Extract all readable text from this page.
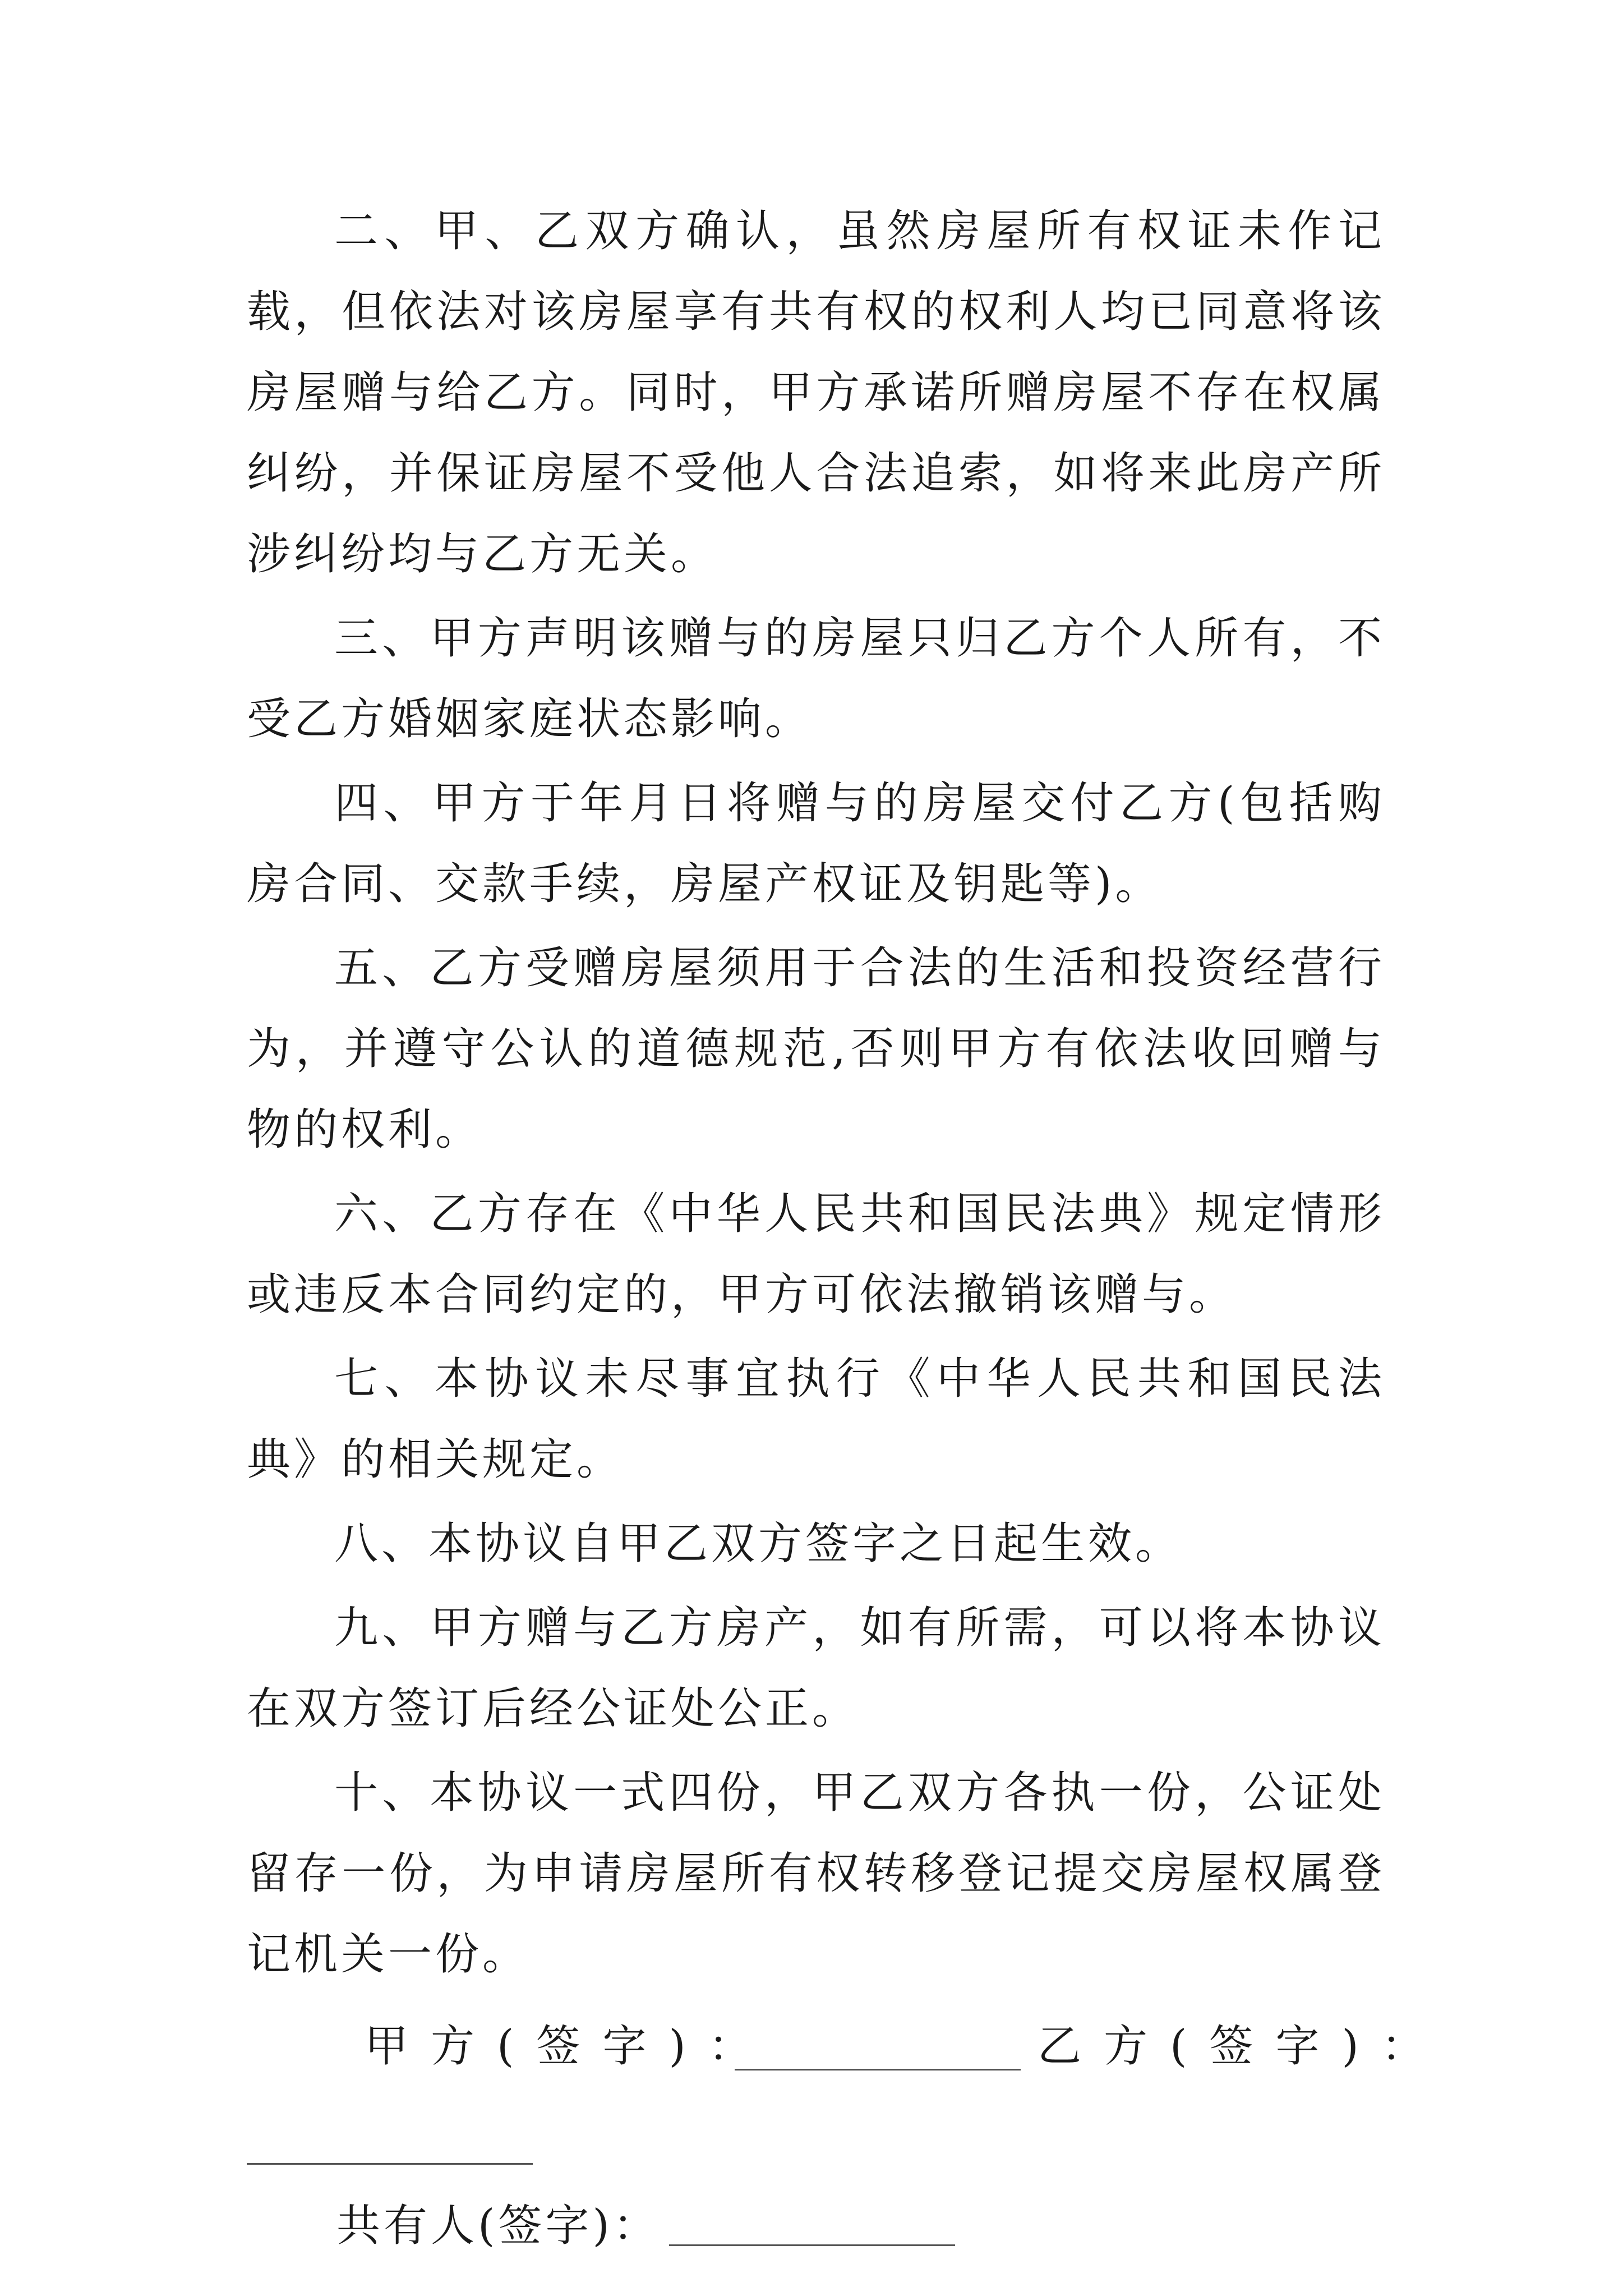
二、甲、乙双方确认，虽然房屋所有权证未作记载，但依法对该房屋享有共有权的权利人均已同意将该房屋赠与给乙方。同时，甲方承诺所赠房屋不存在权属纠纷，并保证房屋不受他人合法追索，如将来此房产所涉纠纷均与乙方无关。

三、甲方声明该赠与的房屋只归乙方个人所有，不受乙方婚姻家庭状态影响。

四、甲方于年月日将赠与的房屋交付乙方(包括购房合同、交款手续，房屋产权证及钥匙等)。

五、乙方受赠房屋须用于合法的生活和投资经营行为，并遵守公认的道德规范,否则甲方有依法收回赠与物的权利。

六、乙方存在《中华人民共和国民法典》规定情形或违反本合同约定的，甲方可依法撤销该赠与。

七、本协议未尽事宜执行《中华人民共和国民法典》的相关规定。

八、本协议自甲乙双方签字之日起生效。

九、甲方赠与乙方房产，如有所需，可以将本协议在双方签订后经公证处公正。

十、本协议一式四份，甲乙双方各执一份，公证处留存一份，为申请房屋所有权转移登记提交房屋权属登记机关一份。

甲方(签字)：	乙方(签字)：
共有人(签字)：
